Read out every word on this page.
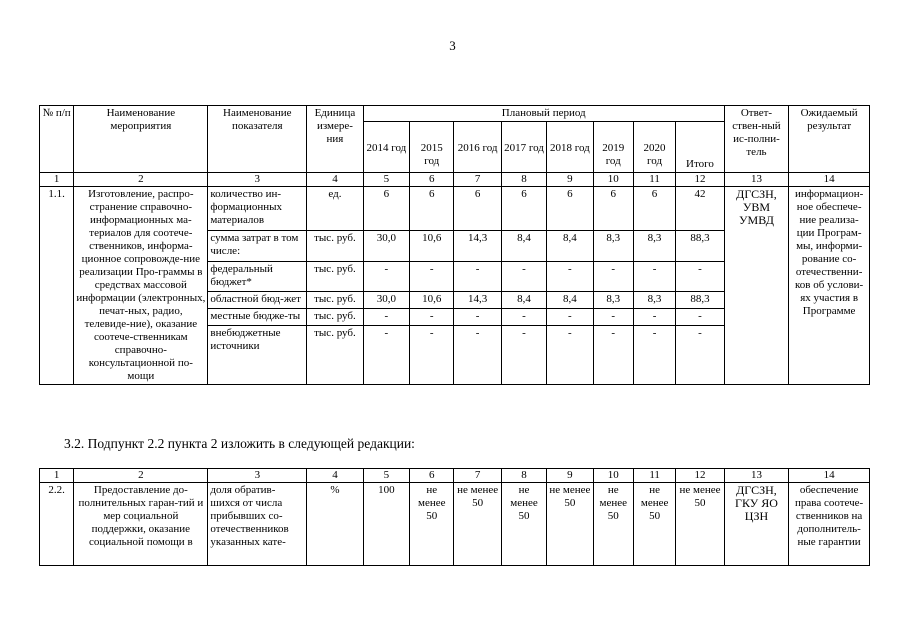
3
№ п/п	Наименование мероприятия	Наименование показателя	Единица измере-ния	Плановый период								Ответ-ствен-ный ис-полни-тель	Ожидаемый результат
				2014 год	2015 год	2016 год	2017 год	2018 год	2019 год	2020 год	Итого		
1	2	3	4	5	6	7	8	9	10	11	12	13	14
1.1.	Изготовление, распро-странение справочно-информационных ма-териалов для соотече-ственников, информа-ционное сопровожде-ние реализации Про-граммы в средствах массовой информации (электронных, печат-ных, радио, телевиде-ние), оказание соотече-ственникам справочно-консультационной по-мощи	количество ин-формационных материалов	ед.	6	6	6	6	6	6	6	42	ДГСЗН, УВМ УМВД	информацион-ное обеспече-ние реализа-ции Програм-мы, информи-рование со-отечественни-ков об услови-ях участия в Программе
		сумма затрат в том числе:	тыс. руб.	30,0	10,6	14,3	8,4	8,4	8,3	8,3	88,3		
		федеральный бюджет*	тыс. руб.	-	-	-	-	-	-	-	-		
		областной бюд-жет	тыс. руб.	30,0	10,6	14,3	8,4	8,4	8,3	8,3	88,3		
		местные бюдже-ты	тыс. руб.	-	-	-	-	-	-	-	-		
		внебюджетные источники	тыс. руб.	-	-	-	-	-	-	-	-		
3.2. Подпункт 2.2 пункта 2 изложить в следующей редакции:
1	2	3	4	5	6	7	8	9	10	11	12	13	14
2.2.	Предоставление до-полнительных гаран-тий и мер социальной поддержки, оказание социальной помощи в	доля обратив-шихся от числа прибывших со-отечественников указанных кате-	%	100	не менее 50	не менее 50	не менее 50	не менее 50	не менее 50	не менее 50	не менее 50	ДГСЗН, ГКУ ЯО ЦЗН	обеспечение права соотече-ственников на дополнитель-ные гарантии
